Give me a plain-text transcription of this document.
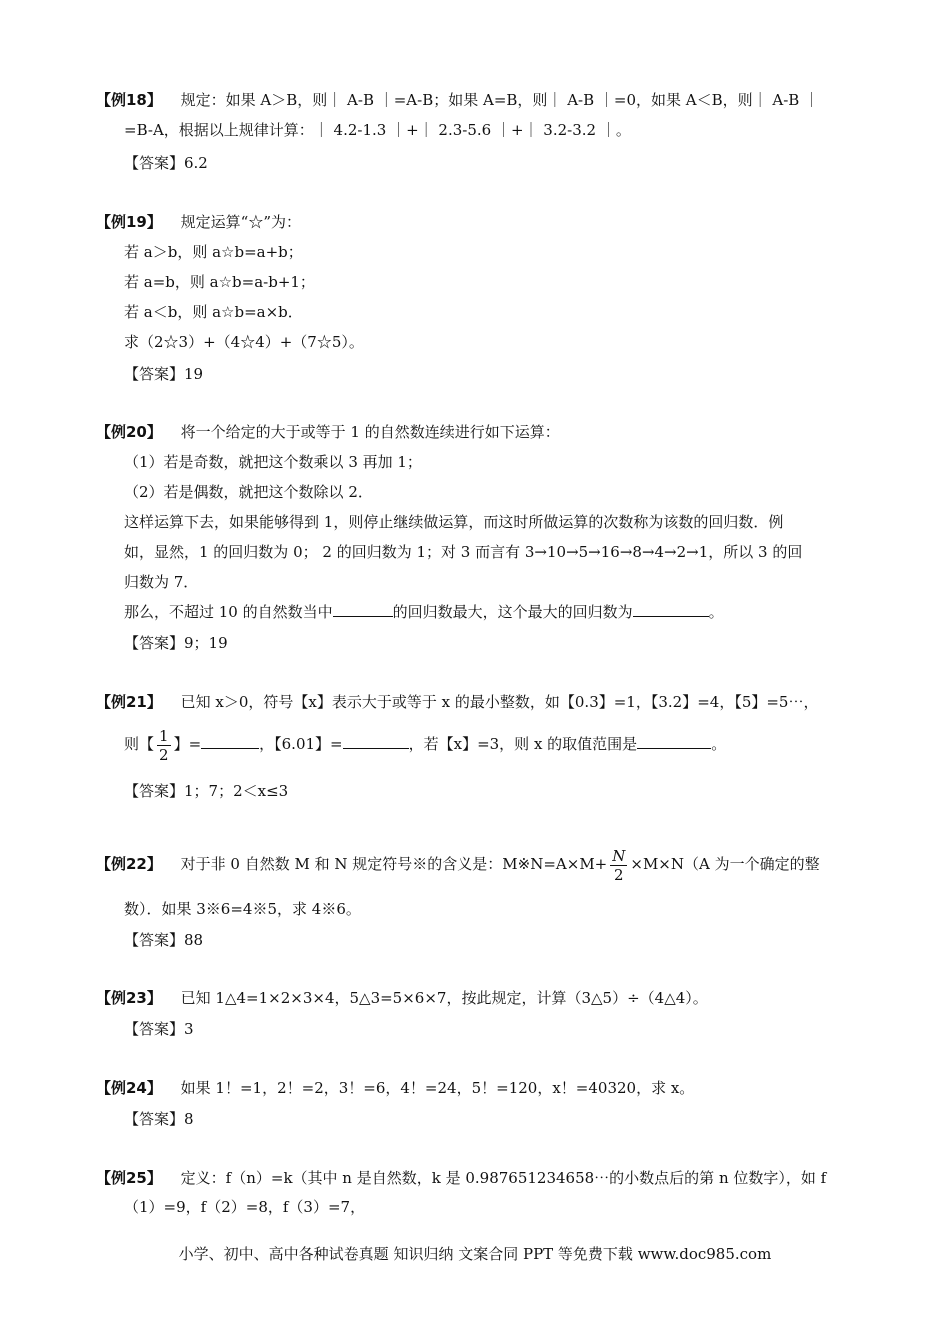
【例18】 规定：如果 A＞B，则｜ A-B ｜=A-B；如果 A=B，则｜ A-B ｜=0，如果 A＜B，则｜ A-B ｜
=B-A，根据以上规律计算：｜ 4.2-1.3 ｜+｜ 2.3-5.6 ｜+｜ 3.2-3.2 ｜。
【答案】6.2
【例19】 规定运算“☆”为：
若 a＞b，则 a☆b=a+b；
若 a=b，则 a☆b=a-b+1；
若 a＜b，则 a☆b=a×b．
求（2☆3）+（4☆4）+（7☆5）。
【答案】19
【例20】 将一个给定的大于或等于 1 的自然数连续进行如下运算：
（1）若是奇数，就把这个数乘以 3 再加 1；
（2）若是偶数，就把这个数除以 2．
这样运算下去，如果能够得到 1，则停止继续做运算，而这时所做运算的次数称为该数的回归数．例
如，显然，1 的回归数为 0； 2 的回归数为 1；对 3 而言有 3→10→5→16→8→4→2→1，所以 3 的回
归数为 7．
那么，不超过 10 的自然数当中	的回归数最大，这个最大的回归数为	。
【答案】9；19
【例21】 已知 x＞0，符号【x】表示大于或等于 x 的最小整数，如【0.3】=1，【3.2】=4，【5】=5⋯，
则【 $\frac{1}{2}$ 】=	，【6.01】=	，若【x】=3，则 x 的取值范围是	。
【答案】1；7；2＜x≤3
【例22】 对于非 0 自然数 M 和 N 规定符号※的含义是：M※N=A×M+ $\frac{N}{2} \times M\times N(A$ 为一个确定的整
数）．如果 3※6=4※5，求 4※6。
【答案】88
【例23】 已知 1△4=1×2×3×4，5△3=5×6×7，按此规定，计算（3△5）÷（4△4）。
【答案】3
【例24】 如果 1！=1，2！=2，3！=6，4！=24，5！=120，x！=40320，求 x。
【答案】8
【例25】 定义：f（n）=k（其中 n 是自然数，k 是 0.987651234658⋯的小数点后的第 n 位数字），如 f
（1）=9，f（2）=8，f（3）=7，
小学、初中、高中各种试卷真题 知识归纳 文案合同 PPT 等免费下载 www.doc985.com
